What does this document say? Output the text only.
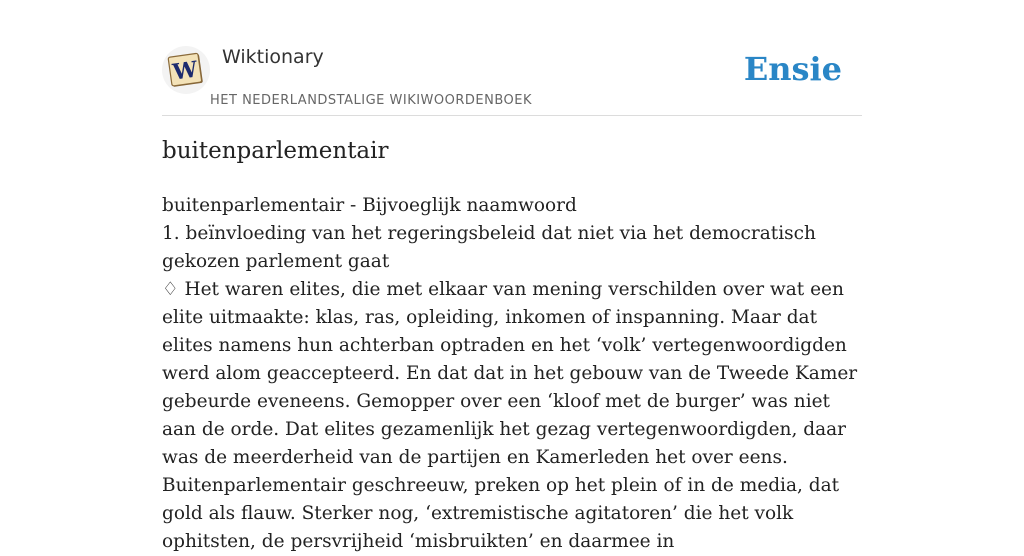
W Wiktionary
HET NEDERLANDSTALIGE WIKIWOORDENBOEK
Ensie
buitenparlementair

buitenparlementair - Bijvoeglijk naamwoord

1. beïnvloeding van het regeringsbeleid dat niet via het democratisch gekozen parlement gaat

♢ Het waren elites, die met elkaar van mening verschilden over wat een elite uitmaakte: klas, ras, opleiding, inkomen of inspanning. Maar dat elites namens hun achterban optraden en het ‘volk’ vertegenwoordigden werd alom geaccepteerd. En dat dat in het gebouw van de Tweede Kamer gebeurde eveneens. Gemopper over een ‘kloof met de burger’ was niet aan de orde. Dat elites gezamenlijk het gezag vertegenwoordigden, daar was de meerderheid van de partijen en Kamerleden het over eens. Buitenparlementair geschreeuw, preken op het plein of in de media, dat gold als flauw. Sterker nog, ‘extremistische agitatoren’ die het volk ophitsten, de persvrijheid ‘misbruikten’ en daarmee in
